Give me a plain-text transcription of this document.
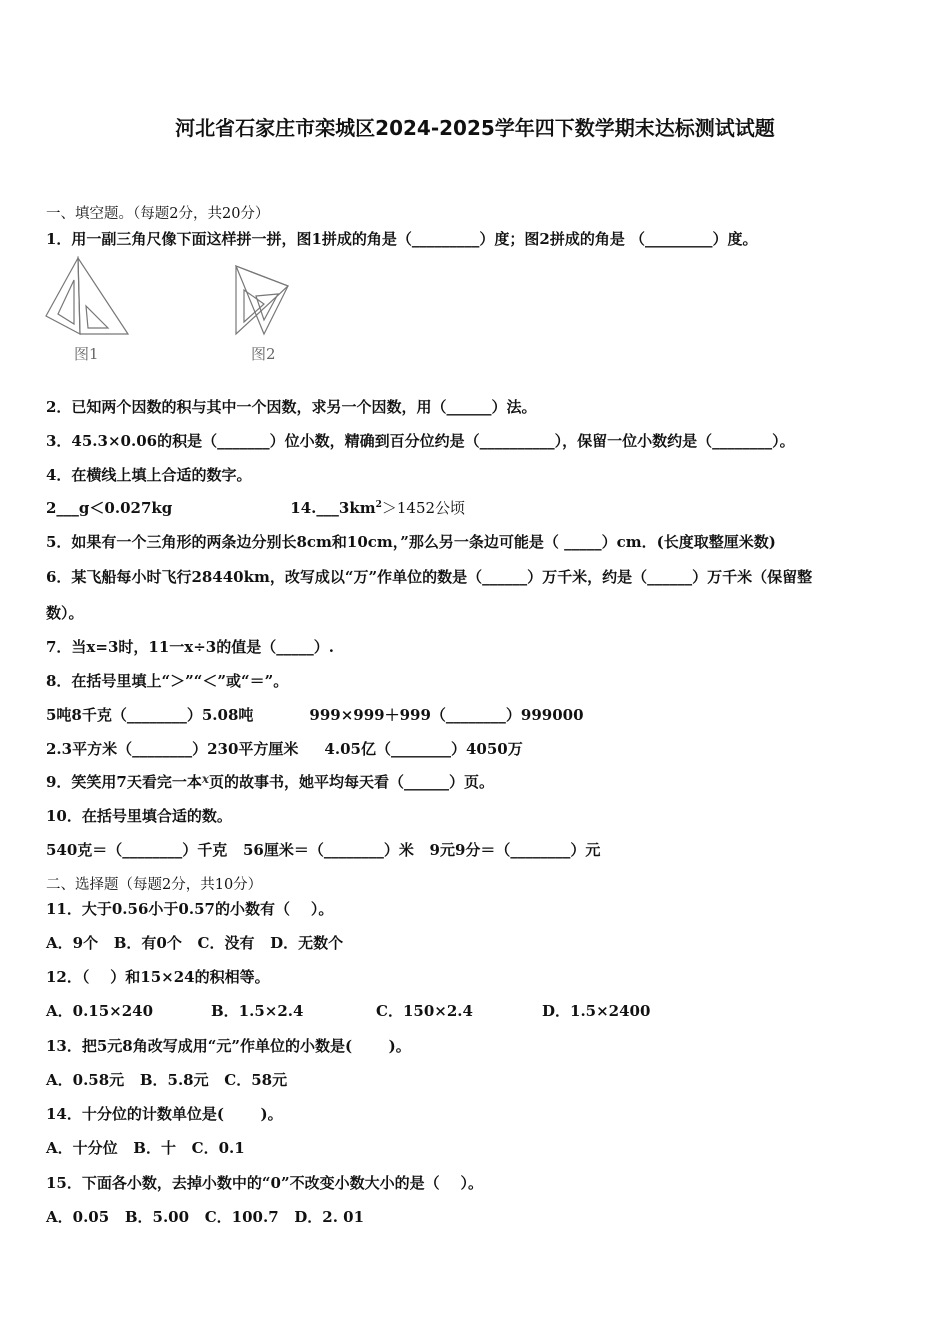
河北省石家庄市栾城区2024-2025学年四下数学期末达标测试试题
一、填空题。（每题2分，共20分）
1．用一副三角尺像下面这样拼一拼，图1拼成的角是（_________）度；图2拼成的角是 （_________）度。
图1	图2
2．已知两个因数的积与其中一个因数，求另一个因数，用（______）法。
3．45.3×0.06的积是（_______）位小数，精确到百分位约是（__________），保留一位小数约是（________）。
4．在横线上填上合适的数字。
2___g＜0.027kg	$14.\_\_\_3km^2>1452$公顷
5．如果有一个三角形的两条边分别长8cm和10cm，”那么另一条边可能是（ _____）cm．(长度取整厘米数)
6．某飞船每小时飞行28440km，改写成以“万”作单位的数是（______）万千米，约是（______）万千米（保留整
数）。
7．当x=3时，11一x÷3的值是（_____）.
8．在括号里填上“＞”“＜”或“＝”。
5吨8千克（________）5.08吨	999×999＋999（________）999000
2.3平方米（________）230平方厘米 4.05亿（________）4050万
9．笑笑用7天看完一本$^x$页的故事书，她平均每天看（______）页。
10．在括号里填合适的数。
540克＝（________）千克   56厘米＝（________）米   9元9分＝（________）元
二、选择题（每题2分，共10分）
11．大于0.56小于0.57的小数有（    ）。
A．9个   B．有0个   C．没有   D．无数个
12．（    ）和15×24的积相等。
A．0.15×240	B．1.5×2.4	C．150×2.4	D．1.5×2400
13．把5元8角改写成用“元”作单位的小数是(       )。
A．0.58元   B．5.8元   C．58元
14．十分位的计数单位是(       )。
A．十分位   B．十   C．0.1
15．下面各小数，去掉小数中的“0”不改变小数大小的是（    ）。
A．0.05   B．5.00   C．100.7   D．2. 01
